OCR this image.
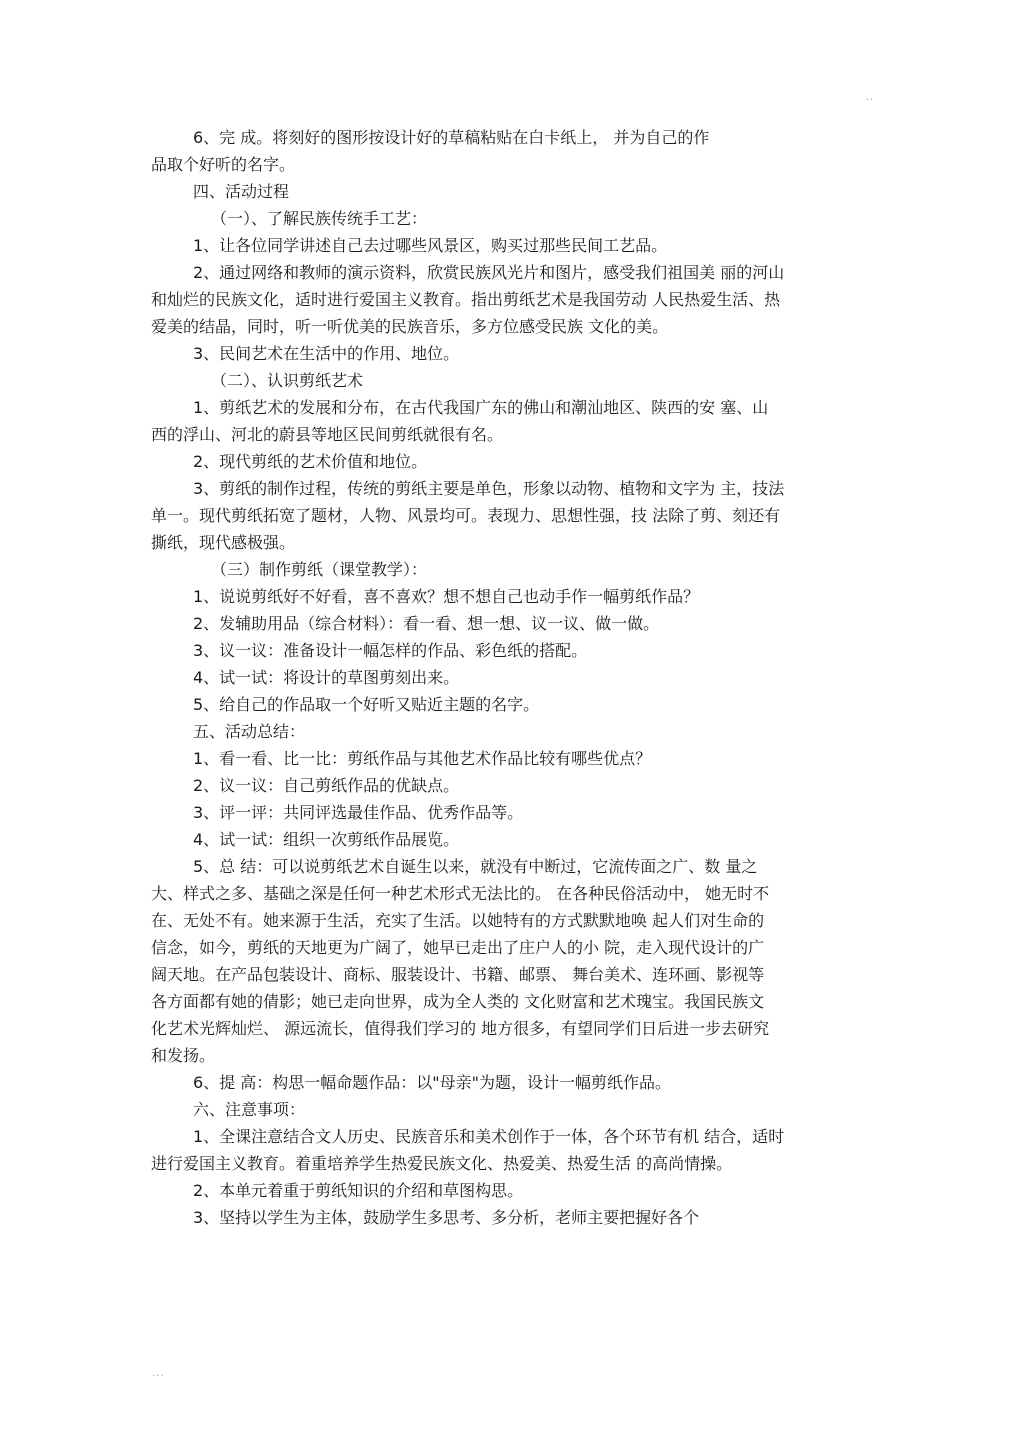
..
6、完 成。将刻好的图形按设计好的草稿粘贴在白卡纸上， 并为自己的作
品取个好听的名字。
四、活动过程
（一）、了解民族传统手工艺：
1、让各位同学讲述自己去过哪些风景区，购买过那些民间工艺品。
2、通过网络和教师的演示资料，欣赏民族风光片和图片，感受我们祖国美 丽的河山
和灿烂的民族文化，适时进行爱国主义教育。指出剪纸艺术是我国劳动 人民热爱生活、热
爱美的结晶，同时，听一听优美的民族音乐，多方位感受民族 文化的美。
3、民间艺术在生活中的作用、地位。
（二）、认识剪纸艺术
1、剪纸艺术的发展和分布，在古代我国广东的佛山和潮汕地区、陕西的安 塞、山
西的浮山、河北的蔚县等地区民间剪纸就很有名。
2、现代剪纸的艺术价值和地位。
3、剪纸的制作过程，传统的剪纸主要是单色，形象以动物、植物和文字为 主，技法
单一。现代剪纸拓宽了题材，人物、风景均可。表现力、思想性强，技 法除了剪、刻还有
撕纸，现代感极强。
（三）制作剪纸（课堂教学）：
1、说说剪纸好不好看，喜不喜欢？想不想自己也动手作一幅剪纸作品？
2、发辅助用品（综合材料）：看一看、想一想、议一议、做一做。
3、议一议：准备设计一幅怎样的作品、彩色纸的搭配。
4、试一试：将设计的草图剪刻出来。
5、给自己的作品取一个好听又贴近主题的名字。
五、活动总结：
1、看一看、比一比：剪纸作品与其他艺术作品比较有哪些优点？
2、议一议：自己剪纸作品的优缺点。
3、评一评：共同评选最佳作品、优秀作品等。
4、试一试：组织一次剪纸作品展览。
5、总 结：可以说剪纸艺术自诞生以来，就没有中断过，它流传面之广、数 量之
大、样式之多、基础之深是任何一种艺术形式无法比的。 在各种民俗活动中， 她无时不
在、无处不有。她来源于生活，充实了生活。以她特有的方式默默地唤 起人们对生命的
信念，如今，剪纸的天地更为广阔了，她早已走出了庄户人的小 院，走入现代设计的广
阔天地。在产品包装设计、商标、服装设计、书籍、邮票、 舞台美术、连环画、影视等
各方面都有她的倩影；她已走向世界，成为全人类的 文化财富和艺术瑰宝。我国民族文
化艺术光辉灿烂、 源远流长，值得我们学习的 地方很多，有望同学们日后进一步去研究
和发扬。
6、提 高：构思一幅命题作品：以"母亲"为题，设计一幅剪纸作品。
六、注意事项：
1、全课注意结合文人历史、民族音乐和美术创作于一体，各个环节有机 结合，适时
进行爱国主义教育。着重培养学生热爱民族文化、热爱美、热爱生活 的高尚情操。
2、本单元着重于剪纸知识的介绍和草图构思。
3、坚持以学生为主体，鼓励学生多思考、多分析，老师主要把握好各个
...
